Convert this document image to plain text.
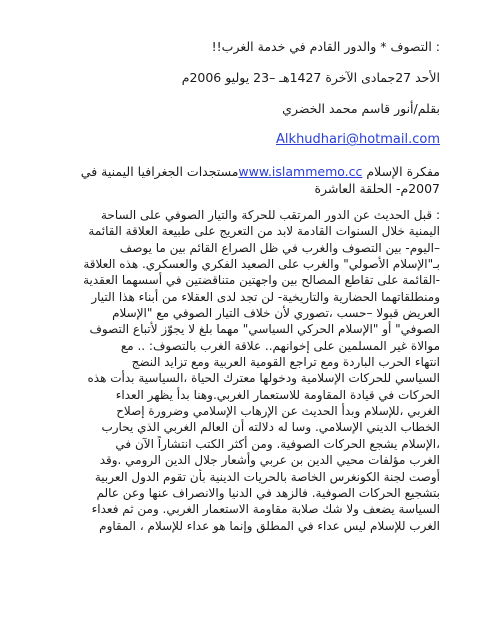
: التصوف * والدور القادم في خدمة الغرب!!
الأحد 27جمادى الآخرة 1427هـ –23 يوليو 2006م
بقلم/أنور قاسم محمد الخضري
Alkhudhari@hotmail.com
مفكرة الإسلام www.islammemo.ccمستجدات الجغرافيا اليمنية في 2007م- الحلقة العاشرة
: قبل الحديث عن الدور المرتقب للحركة والتيار الصوفي على الساحة
اليمنية خلال السنوات القادمة لابد من التعريج على طبيعة العلاقة القائمة
–اليوم- بين التصوف والغرب في ظل الصراع القائم بين ما يوصف
بـ"الإسلام الأصولي" والغرب على الصعيد الفكري والعسكري. هذه العلاقة
-القائمة على تقاطع المصالح بين واجهتين متناقضتين في أسسهما العقدية
ومنطلقاتهما الحضارية والتاريخية- لن تجد لدى العقلاء من أبناء هذا التيار
العريض قبولا –حسب ،تصوري لأن خلاف التيار الصوفي مع "الإسلام
الصوفي" أو "الإسلام الحركي السياسي" مهما بلغ لا يجوّز لأتباع التصوف
موالاة غير المسلمين على إخوانهم.. علاقة الغرب بالتصوف: .. مع
انتهاء الحرب الباردة ومع تراجع القومية العربية ومع تزايد النضج
السياسي للحركات الإسلامية ودخولها معترك الحياة ،السياسية بدأت هذه
الحركات في قيادة المقاومة للاستعمار الغربي.وهنا بدأ يظهر العداء
الغربي ،للإسلام وبدأ الحديث عن الإرهاب الإسلامي وضرورة إصلاح
الخطاب الديني الإسلامي. وسا له دلالته أن العالم الغربي الذي يحارب
،الإسلام يشجع الحركات الصوفية. ومن أكثر الكتب انتشاراً الآن في
الغرب مؤلفات محيي الدين بن عربي وأشعار جلال الدين الرومي .وقد
أوصت لجنة الكونغرس الخاصة بالحريات الدينية بأن تقوم الدول العربية
بتشجيع الحركات الصوفية. فالزهد في الدنيا والانصراف عنها وعن عالم
السياسة يضعف ولا شك صلابة مقاومة الاستعمار الغربي. ومن ثم فعداء
الغرب للإسلام ليس عداء في المطلق وإنما هو عداء للإسلام ، المقاوم
